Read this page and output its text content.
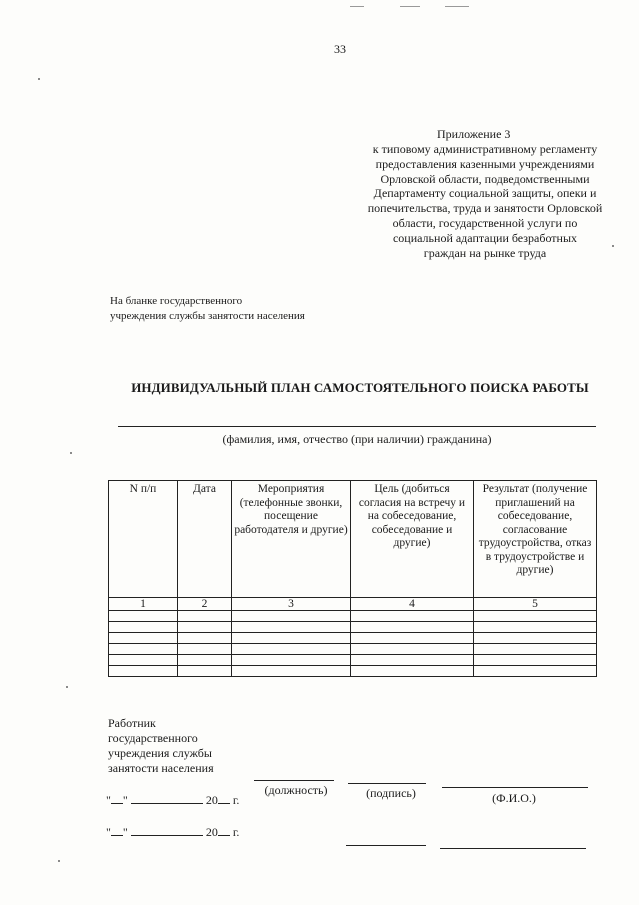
33
Приложение 3
к типовому административному регламенту
предоставления казенными учреждениями
Орловской области, подведомственными
Департаменту социальной защиты, опеки и
попечительства, труда и занятости Орловской
области, государственной услуги по
социальной адаптации безработных
граждан на рынке труда
На бланке государственного
учреждения службы занятости населения
ИНДИВИДУАЛЬНЫЙ ПЛАН САМОСТОЯТЕЛЬНОГО ПОИСКА РАБОТЫ
(фамилия, имя, отчество (при наличии) гражданина)
N п/п	Дата	Мероприятия (телефонные звонки, посещение работодателя и другие)	Цель (добиться согласия на встречу и на собеседование, собеседование и другие)	Результат (получение приглашений на собеседование, согласование трудоустройства, отказ в трудоустройстве и другие)
1	2	3	4	5

Работник
государственного
учреждения службы
занятости населения
(должность)	(подпись)	(Ф.И.О.)
" "	20 г.
" "	20 г.
